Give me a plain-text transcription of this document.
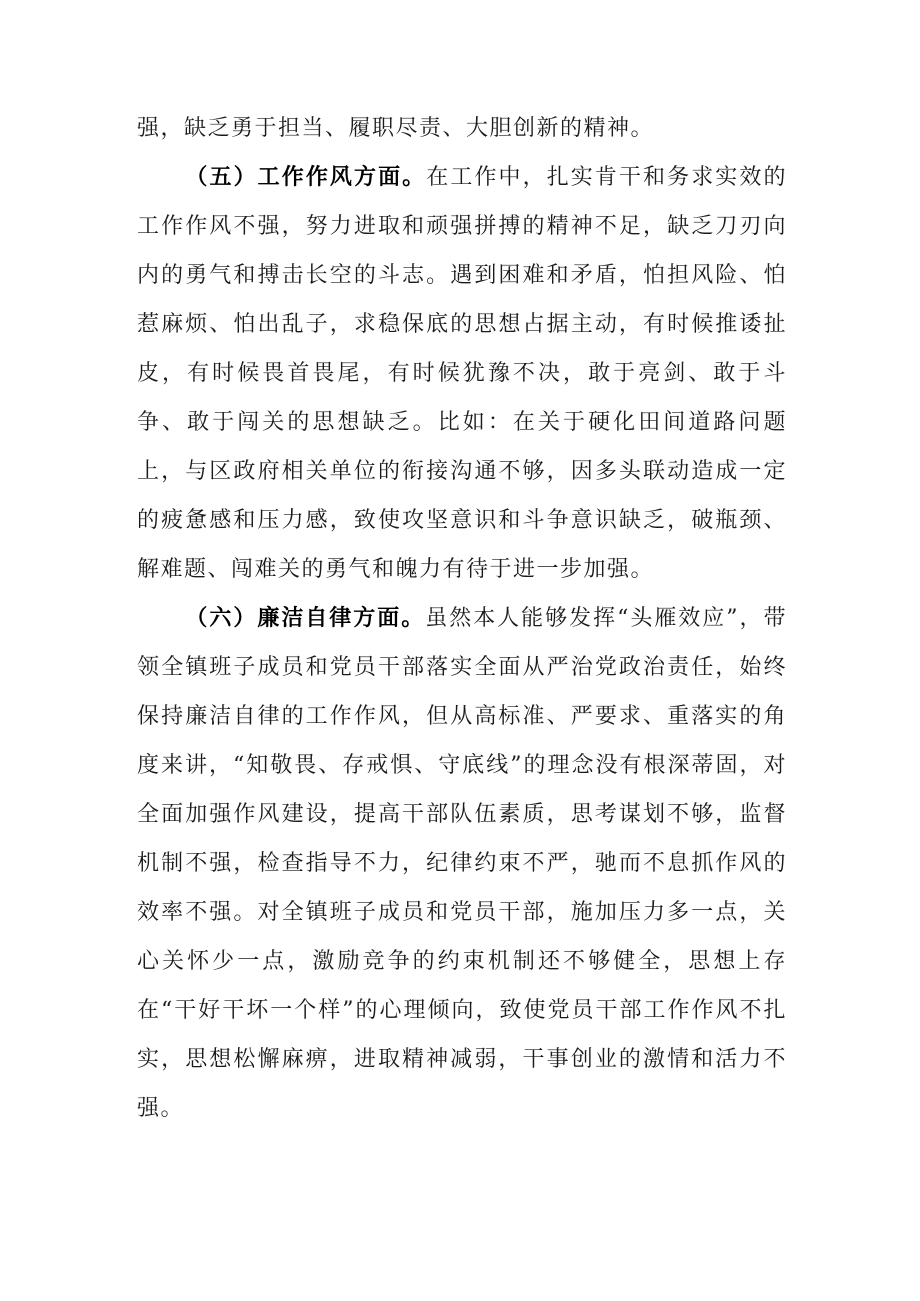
强，缺乏勇于担当、履职尽责、大胆创新的精神。

（五）工作作风方面。在工作中，扎实肯干和务求实效的工作作风不强，努力进取和顽强拼搏的精神不足，缺乏刀刃向内的勇气和搏击长空的斗志。遇到困难和矛盾，怕担风险、怕惹麻烦、怕出乱子，求稳保底的思想占据主动，有时候推诿扯皮，有时候畏首畏尾，有时候犹豫不决，敢于亮剑、敢于斗争、敢于闯关的思想缺乏。比如：在关于硬化田间道路问题上，与区政府相关单位的衔接沟通不够，因多头联动造成一定的疲惫感和压力感，致使攻坚意识和斗争意识缺乏，破瓶颈、解难题、闯难关的勇气和魄力有待于进一步加强。

（六）廉洁自律方面。虽然本人能够发挥“头雁效应”，带领全镇班子成员和党员干部落实全面从严治党政治责任，始终保持廉洁自律的工作作风，但从高标准、严要求、重落实的角度来讲，“知敬畏、存戒惧、守底线”的理念没有根深蒂固，对全面加强作风建设，提高干部队伍素质，思考谋划不够，监督机制不强，检查指导不力，纪律约束不严，驰而不息抓作风的效率不强。对全镇班子成员和党员干部，施加压力多一点，关心关怀少一点，激励竞争的约束机制还不够健全，思想上存在“干好干坏一个样”的心理倾向，致使党员干部工作作风不扎实，思想松懈麻痹，进取精神减弱，干事创业的激情和活力不强。
